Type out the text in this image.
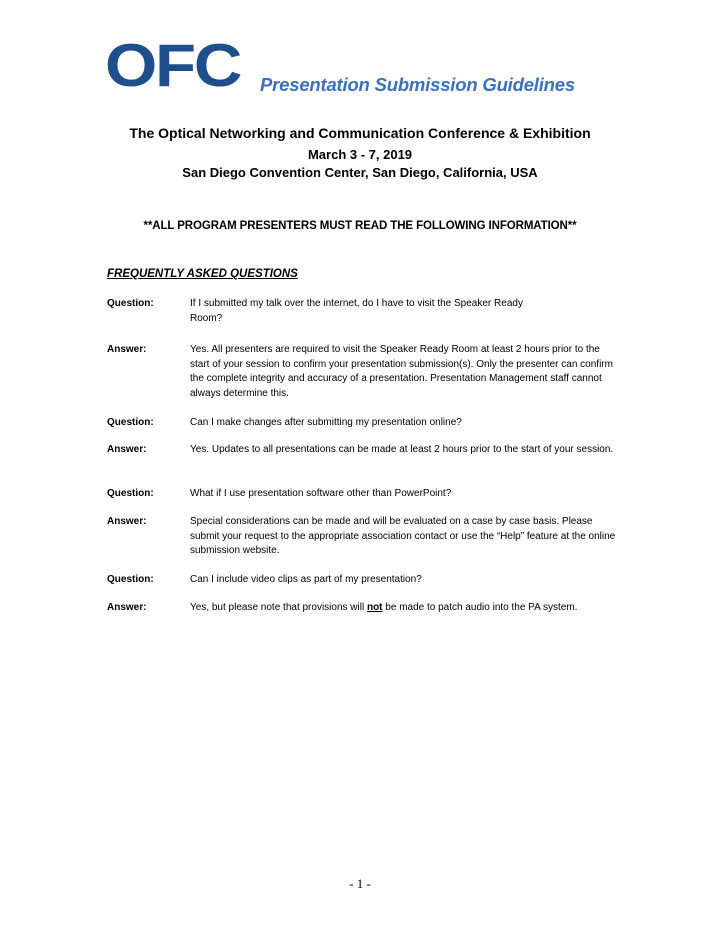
OFC Presentation Submission Guidelines
The Optical Networking and Communication Conference & Exhibition
March 3 - 7, 2019
San Diego Convention Center, San Diego, California, USA
**ALL PROGRAM PRESENTERS MUST READ THE FOLLOWING INFORMATION**
FREQUENTLY ASKED QUESTIONS
Question:	If I submitted my talk over the internet, do I have to visit the Speaker Ready Room?
Answer:	Yes. All presenters are required to visit the Speaker Ready Room at least 2 hours prior to the start of your session to confirm your presentation submission(s). Only the presenter can confirm the complete integrity and accuracy of a presentation. Presentation Management staff cannot always determine this.
Question:	Can I make changes after submitting my presentation online?
Answer:	Yes. Updates to all presentations can be made at least 2 hours prior to the start of your session.
Question:	What if I use presentation software other than PowerPoint?
Answer:	Special considerations can be made and will be evaluated on a case by case basis. Please submit your request to the appropriate association contact or use the “Help” feature at the online submission website.
Question:	Can I include video clips as part of my presentation?
Answer:	Yes, but please note that provisions will not be made to patch audio into the PA system.
- 1 -
